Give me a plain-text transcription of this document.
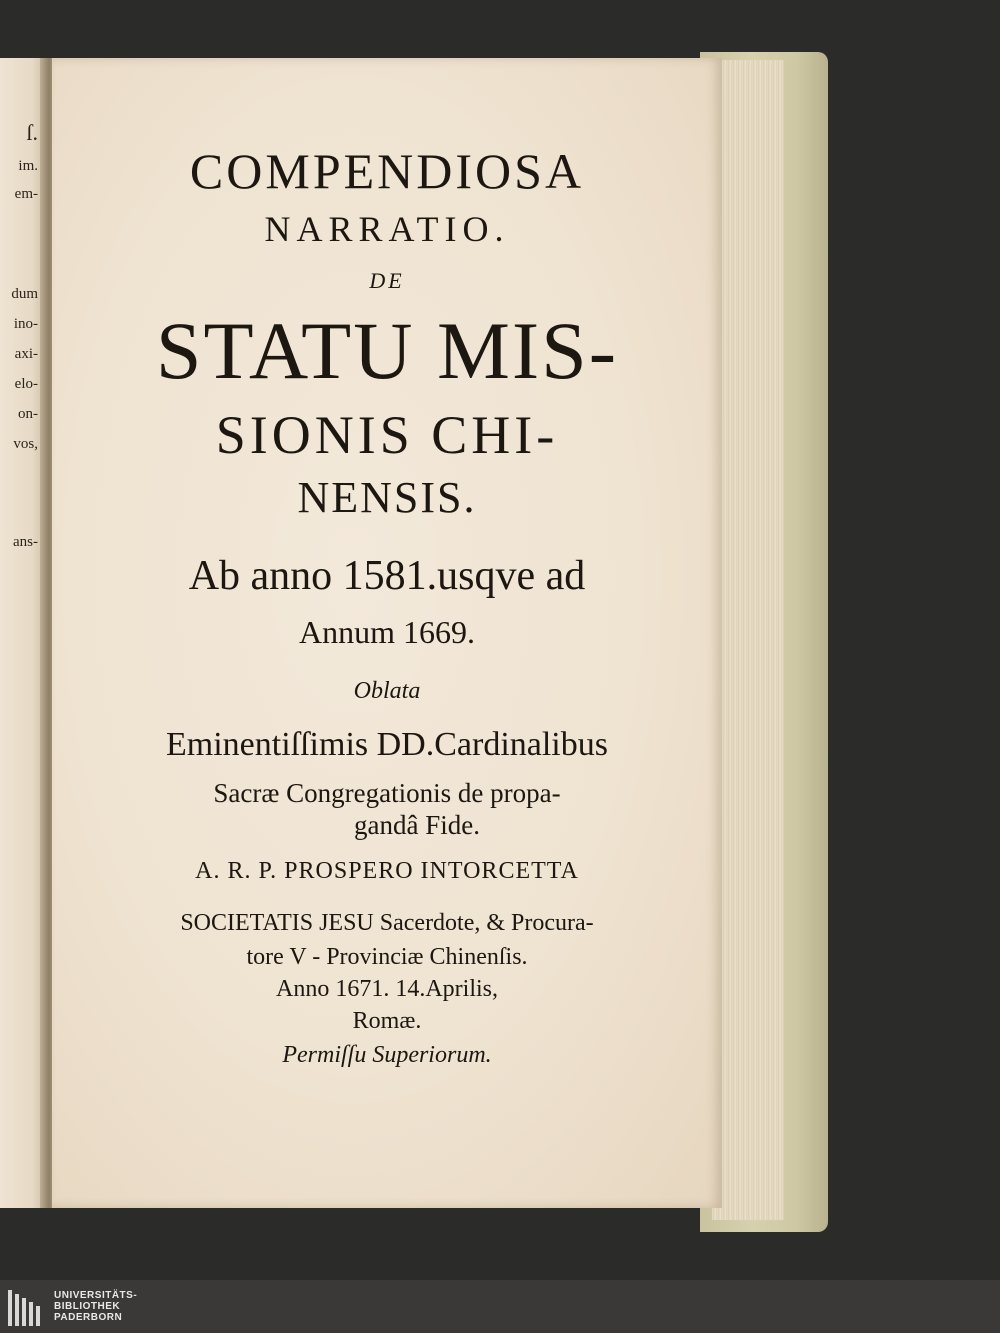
ſ.
im.
em-
dum
ino-
axi-
elo-
on-
vos,
ans-
COMPENDIOSA
NARRATIO.
DE
STATU MIS-
SIONIS CHI-
NENSIS.
Ab anno 1581.usqve ad
Annum 1669.
Oblata
Eminentiſſimis DD.Cardinalibus
Sacræ Congregationis de propa-
gandâ Fide.
A. R. P. PROSPERO INTORCETTA
SOCIETATIS JESU Sacerdote, & Procura-
tore V - Provinciæ Chinenſis.
Anno 1671. 14.Aprilis,
Romæ.
Permiſſu Superiorum.
UNIVERSITÄTS-
BIBLIOTHEK
PADERBORN
